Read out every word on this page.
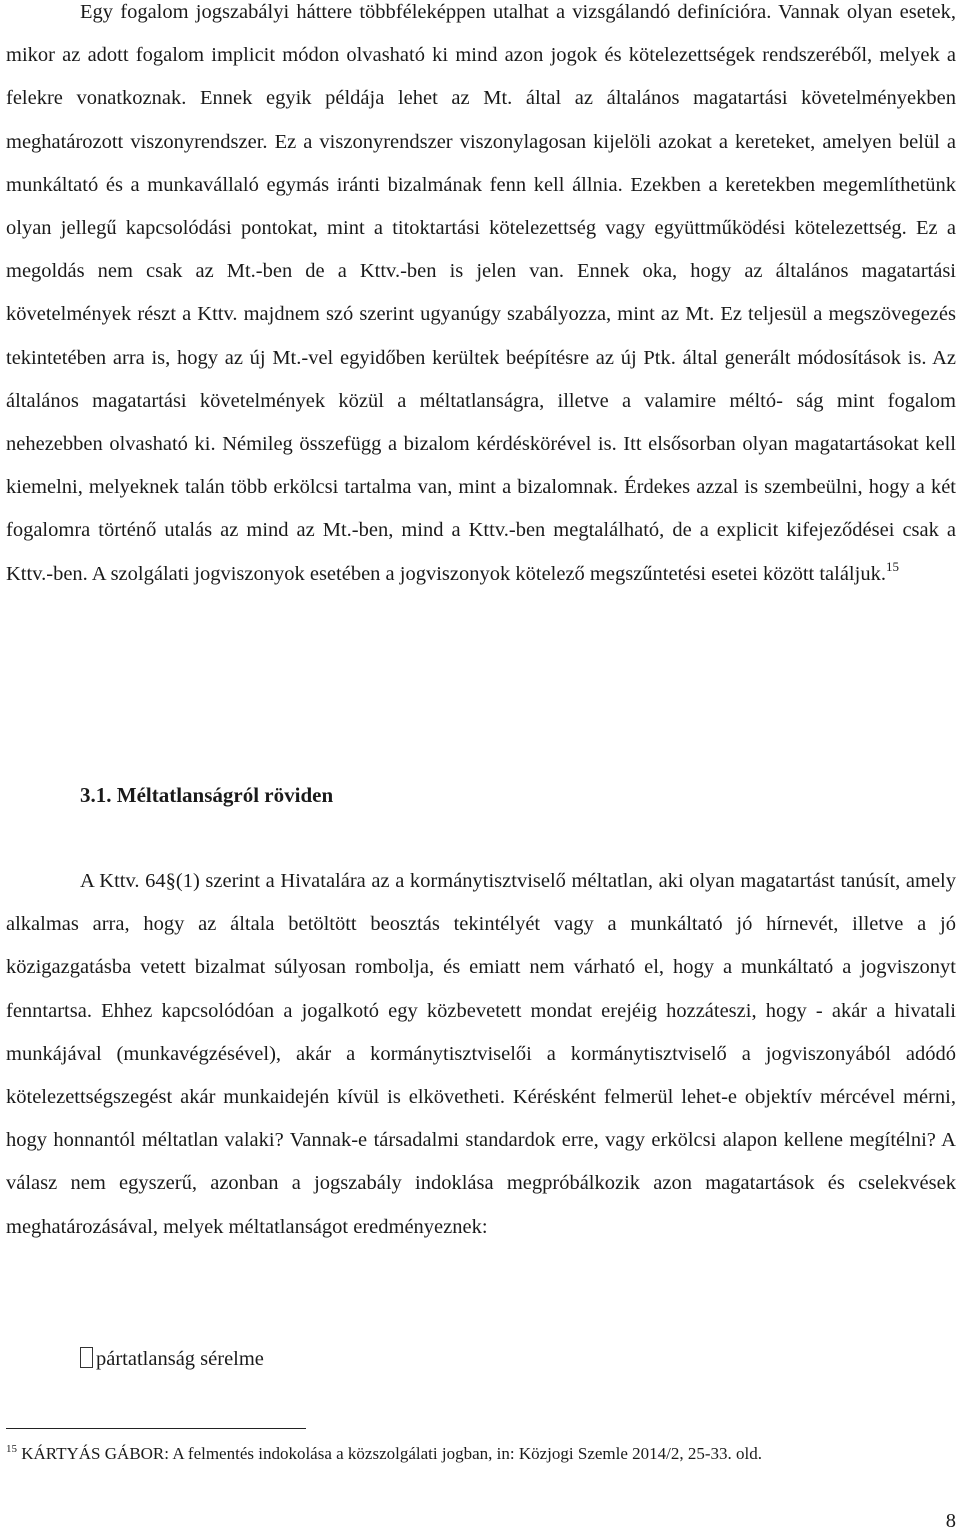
Egy fogalom jogszabályi háttere többféleképpen utalhat a vizsgálandó definícióra. Vannak olyan esetek, mikor az adott fogalom implicit módon olvasható ki mind azon jogok és kötelezettségek rendszeréből, melyek a felekre vonatkoznak. Ennek egyik példája lehet az Mt. által az általános magatartási követelményekben meghatározott viszonyrendszer. Ez a viszonyrendszer viszonylagosan kijelöli azokat a kereteket, amelyen belül a munkáltató és a munkavállaló egymás iránti bizalmának fenn kell állnia. Ezekben a keretekben megemlíthetünk olyan jellegű kapcsolódási pontokat, mint a titoktartási kötelezettség vagy együttműködési kötelezettség. Ez a megoldás nem csak az Mt.-ben de a Kttv.-ben is jelen van. Ennek oka, hogy az általános magatartási követelmények részt a Kttv. majdnem szó szerint ugyanúgy szabályozza, mint az Mt. Ez teljesül a megszövegezés tekintetében arra is, hogy az új Mt.-vel egyidőben kerültek beépítésre az új Ptk. által generált módosítások is. Az általános magatartási követelmények közül a méltatlanságra, illetve a valamire méltó- ság mint fogalom nehezebben olvasható ki. Némileg összefügg a bizalom kérdéskörével is. Itt elsősorban olyan magatartásokat kell kiemelni, melyeknek talán több erkölcsi tartalma van, mint a bizalomnak. Érdekes azzal is szembeülni, hogy a két fogalomra történő utalás az mind az Mt.-ben, mind a Kttv.-ben megtalálható, de a explicit kifejeződései csak a Kttv.-ben. A szolgálati jogviszonyok esetében a jogviszonyok kötelező megszűntetési esetei között találjuk.$^{15}$

3.1. Méltatlanságról röviden

A Kttv. 64§(1) szerint a Hivatalára az a kormánytisztviselő méltatlan, aki olyan magatartást tanúsít, amely alkalmas arra, hogy az általa betöltött beosztás tekintélyét vagy a munkáltató jó hírnevét, illetve a jó közigazgatásba vetett bizalmat súlyosan rombolja, és emiatt nem várható el, hogy a munkáltató a jogviszonyt fenntartsa. Ehhez kapcsolódóan a jogalkotó egy közbevetett mondat erejéig hozzáteszi, hogy - akár a hivatali munkájával (munkavégzésével), akár a kormánytisztviselői a kormánytisztviselő a jogviszonyából adódó kötelezettségszegést akár munkaidején kívül is elkövetheti. Kérésként felmerül lehet-e objektív mércével mérni, hogy honnantól méltatlan valaki? Vannak-e társadalmi standardok erre, vagy erkölcsi alapon kellene megítélni? A válasz nem egyszerű, azonban a jogszabály indoklása megpróbálkozik azon magatartások és cselekvések meghatározásával, melyek méltatlanságot eredményeznek:

pártatlanság sérelme
$^{15}$ KÁRTYÁS GÁBOR: A felmentés indokolása a közszolgálati jogban, in: Közjogi Szemle 2014/2, 25-33. old.
8
